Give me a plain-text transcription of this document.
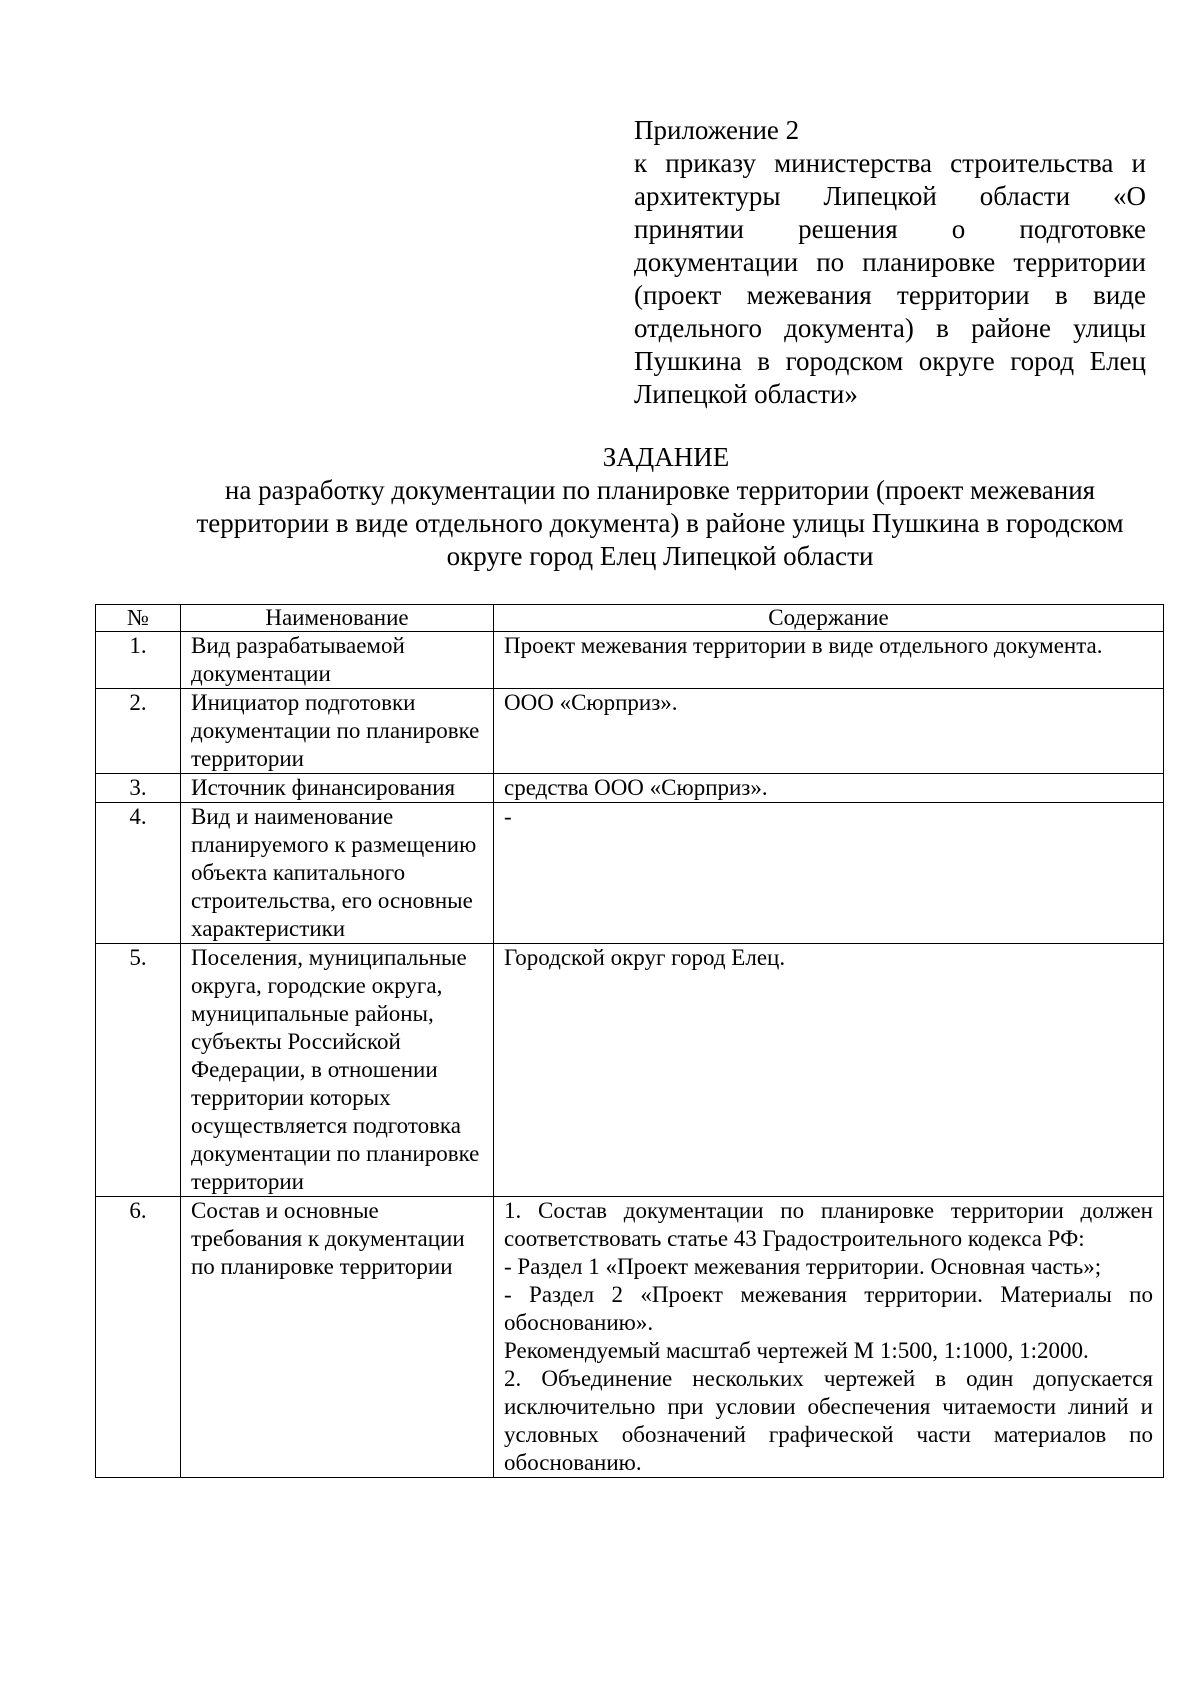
Приложение 2
к приказу министерства строительства и архитектуры Липецкой области «О принятии решения о подготовке документации по планировке территории (проект межевания территории в виде отдельного документа) в районе улицы Пушкина в городском округе город Елец Липецкой области»
ЗАДАНИЕ
на разработку документации по планировке территории (проект межевания территории в виде отдельного документа) в районе улицы Пушкина в городском округе город Елец Липецкой области
№	Наименование	Содержание
1.	Вид разрабатываемой документации	Проект межевания территории в виде отдельного документа.

2.	Инициатор подготовки документации по планировке территории	ООО «Сюрприз».

3.	Источник финансирования	средства ООО «Сюрприз».

4.	Вид и наименование планируемого к размещению объекта капитального строительства, его основные характеристики	-

5.	Поселения, муниципальные округа, городские округа, муниципальные районы, субъекты Российской Федерации, в отношении территории которых осуществляется подготовка документации по планировке территории	Городской округ город Елец.

6.	Состав и основные требования к документации по планировке территории	1. Состав документации по планировке территории должен соответствовать статье 43 Градостроительного кодекса РФ:

- Раздел 1 «Проект межевания территории. Основная часть»;

- Раздел 2 «Проект межевания территории. Материалы по обоснованию».

Рекомендуемый масштаб чертежей М 1:500, 1:1000, 1:2000.

2. Объединение нескольких чертежей в один допускается исключительно при условии обеспечения читаемости линий и условных обозначений графической части материалов по обоснованию.
